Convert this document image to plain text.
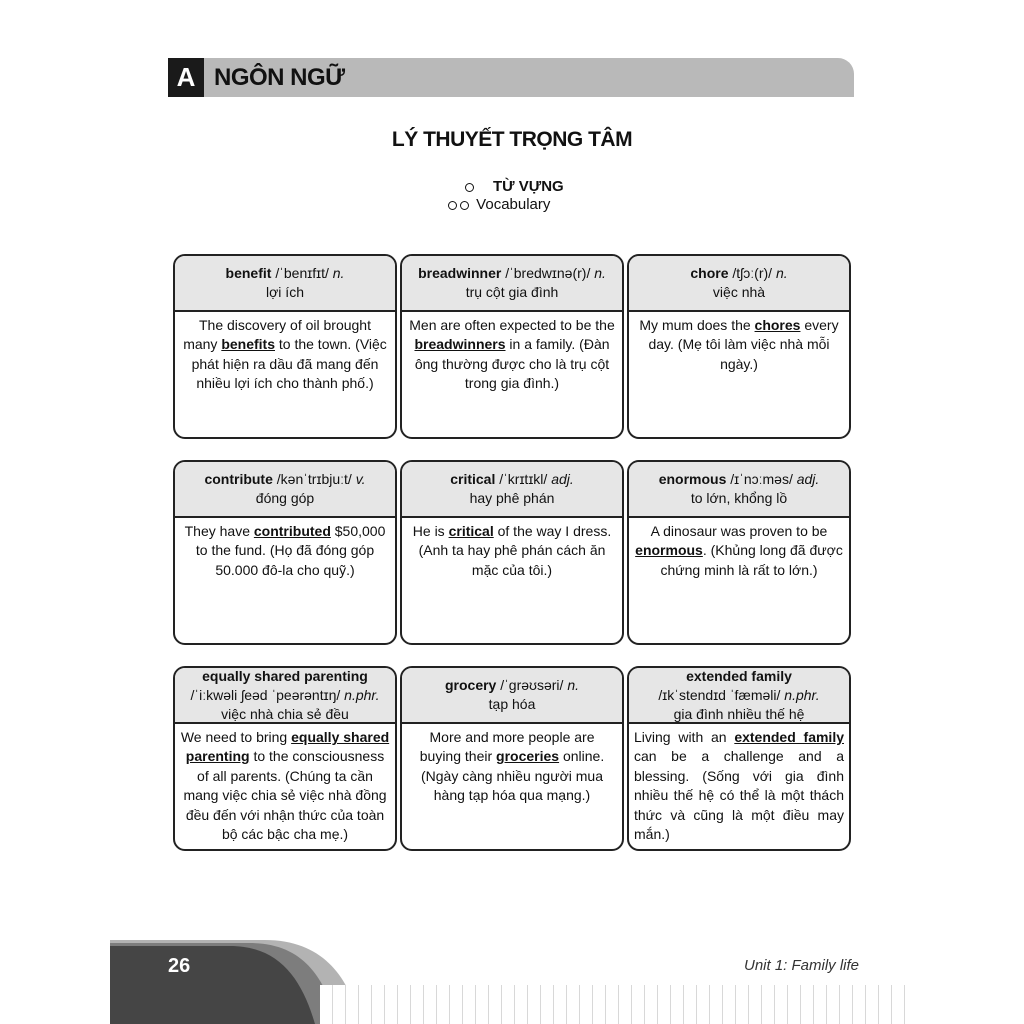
A NGÔN NGỮ
LÝ THUYẾT TRỌNG TÂM
TỪ VỰNG
Vocabulary
benefit /ˈbenɪfɪt/ n.
lợi ích
The discovery of oil brought many benefits to the town. (Việc phát hiện ra dầu đã mang đến nhiều lợi ích cho thành phố.)
breadwinner /ˈbredwɪnə(r)/ n.
trụ cột gia đình
Men are often expected to be the breadwinners in a family. (Đàn ông thường được cho là trụ cột trong gia đình.)
chore /tʃɔː(r)/ n.
việc nhà
My mum does the chores every day. (Mẹ tôi làm việc nhà mỗi ngày.)
contribute /kənˈtrɪbjuːt/ v.
đóng góp
They have contributed $50,000 to the fund. (Họ đã đóng góp 50.000 đô-la cho quỹ.)
critical /ˈkrɪtɪkl/ adj.
hay phê phán
He is critical of the way I dress. (Anh ta hay phê phán cách ăn mặc của tôi.)
enormous /ɪˈnɔːməs/ adj.
to lớn, khổng lồ
A dinosaur was proven to be enormous. (Khủng long đã được chứng minh là rất to lớn.)
equally shared parenting
/ˈiːkwəli ʃeəd ˈpeərəntɪŋ/ n.phr.
việc nhà chia sẻ đều
We need to bring equally shared parenting to the consciousness of all parents. (Chúng ta cần mang việc chia sẻ việc nhà đồng đều đến với nhận thức của toàn bộ các bậc cha mẹ.)
grocery /ˈɡrəʊsəri/ n.
tạp hóa
More and more people are buying their groceries online. (Ngày càng nhiều người mua hàng tạp hóa qua mạng.)
extended family
/ɪkˈstendɪd ˈfæməli/ n.phr.
gia đình nhiều thế hệ
Living with an extended family can be a challenge and a blessing. (Sống với gia đình nhiều thế hệ có thể là một thách thức và cũng là một điều may mắn.)
26	Unit 1: Family life
